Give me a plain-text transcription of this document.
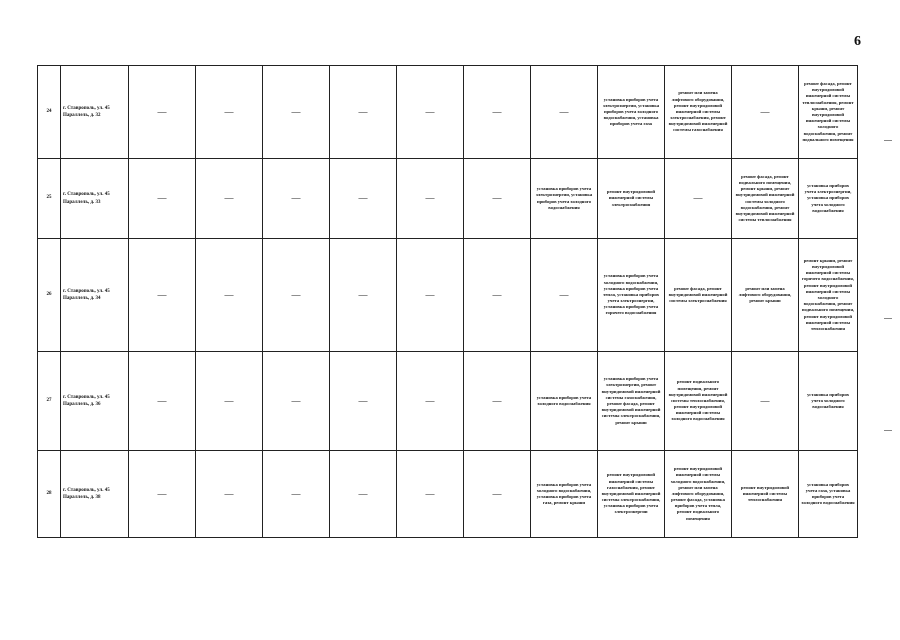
6
24	г. Ставрополь, ул. 45 Параллель, д. 32	—	—	—	—	—	—	—	установка приборов учета электроэнергии, установка приборов учета холодного водоснабжения, установка приборов учета газа	ремонт или замена лифтового оборудования, ремонт внутридомовой инженерной системы электроснабжения, ремонт внутридомовой инженерной системы газоснабжения	—	ремонт фасада, ремонт внутридомовой инженерной системы теплоснабжения, ремонт крыши, ремонт внутридомовой инженерной системы холодного водоснабжения, ремонт подвального помещения
25	г. Ставрополь, ул. 45 Параллель, д. 33	—	—	—	—	—	—	установка приборов учета электроэнергии, установка приборов учета холодного водоснабжения	ремонт внутридомовой инженерной системы электроснабжения	—	ремонт фасада, ремонт подвального помещения, ремонт крыши, ремонт внутридомовой инженерной системы холодного водоснабжения, ремонт внутридомовой инженерной системы теплоснабжения	установка приборов учета электроэнергии, установка приборов учета холодного водоснабжения
26	г. Ставрополь, ул. 45 Параллель, д. 34	—	—	—	—	—	—	—	установка приборов учета холодного водоснабжения, установка приборов учета тепла, установка приборов учета электроэнергии, установка приборов учета горячего водоснабжения	ремонт фасада, ремонт внутридомовой инженерной системы электроснабжения	ремонт или замена лифтового оборудования, ремонт крыши	ремонт крыши, ремонт внутридомовой инженерной системы горячего водоснабжения, ремонт внутридомовой инженерной системы холодного водоснабжения, ремонт подвального помещения, ремонт внутридомовой инженерной системы теплоснабжения
27	г. Ставрополь, ул. 45 Параллель, д. 36	—	—	—	—	—	—	установка приборов учета холодного водоснабжения	установка приборов учета электроэнергии, ремонт внутридомовой инженерной системы газоснабжения, ремонт фасада, ремонт внутридомовой инженерной системы электроснабжения, ремонт крыши	ремонт подвального помещения, ремонт внутридомовой инженерной системы теплоснабжения, ремонт внутридомовой инженерной системы холодного водоснабжения	—	установка приборов учета холодного водоснабжения
28	г. Ставрополь, ул. 45 Параллель, д. 38	—	—	—	—	—	—	установка приборов учета холодного водоснабжения, установка приборов учета газа, ремонт крыши	ремонт внутридомовой инженерной системы газоснабжения, ремонт внутридомовой инженерной системы электроснабжения, установка приборов учета электроэнергии	ремонт внутридомовой инженерной системы холодного водоснабжения, ремонт или замена лифтового оборудования, ремонт фасада, установка приборов учета тепла, ремонт подвального помещения	ремонт внутридомовой инженерной системы теплоснабжения	установка приборов учета газа, установка приборов учета холодного водоснабжения
